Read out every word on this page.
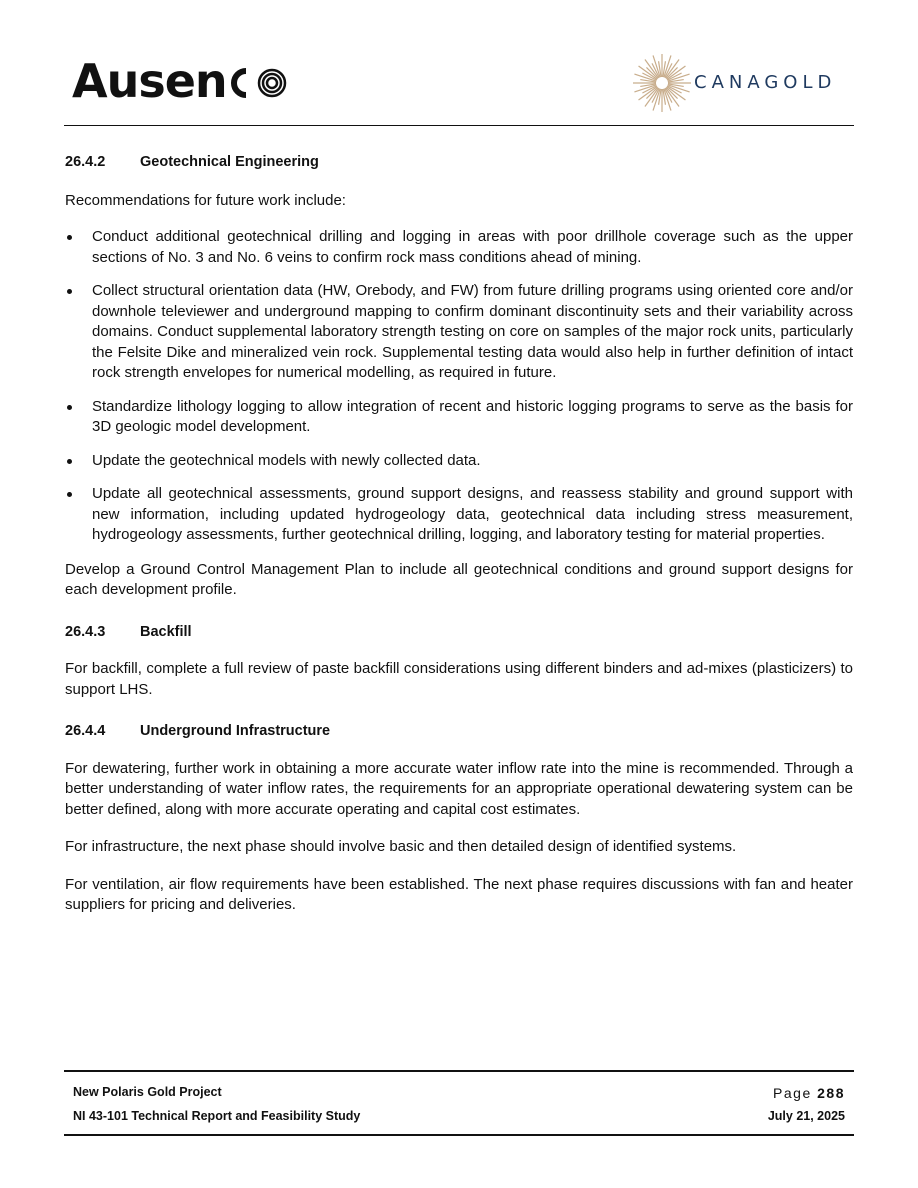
Ausen	CANAGOLD
26.4.2	Geotechnical Engineering

Recommendations for future work include:

Conduct additional geotechnical drilling and logging in areas with poor drillhole coverage such as the upper sections of No. 3 and No. 6 veins to confirm rock mass conditions ahead of mining.
Collect structural orientation data (HW, Orebody, and FW) from future drilling programs using oriented core and/or downhole televiewer and underground mapping to confirm dominant discontinuity sets and their variability across domains. Conduct supplemental laboratory strength testing on core on samples of the major rock units, particularly the Felsite Dike and mineralized vein rock. Supplemental testing data would also help in further definition of intact rock strength envelopes for numerical modelling, as required in future.
Standardize lithology logging to allow integration of recent and historic logging programs to serve as the basis for 3D geologic model development.
Update the geotechnical models with newly collected data.
Update all geotechnical assessments, ground support designs, and reassess stability and ground support with new information, including updated hydrogeology data, geotechnical data including stress measurement, hydrogeology assessments, further geotechnical drilling, logging, and laboratory testing for material properties.

Develop a Ground Control Management Plan to include all geotechnical conditions and ground support designs for each development profile.

26.4.3	Backfill

For backfill, complete a full review of paste backfill considerations using different binders and ad-mixes (plasticizers) to support LHS.

26.4.4	Underground Infrastructure

For dewatering, further work in obtaining a more accurate water inflow rate into the mine is recommended. Through a better understanding of water inflow rates, the requirements for an appropriate operational dewatering system can be better defined, along with more accurate operating and capital cost estimates.

For infrastructure, the next phase should involve basic and then detailed design of identified systems.

For ventilation, air flow requirements have been established. The next phase requires discussions with fan and heater suppliers for pricing and deliveries.

New Polaris Gold Project	Page 288
NI 43-101 Technical Report and Feasibility Study	July 21, 2025
